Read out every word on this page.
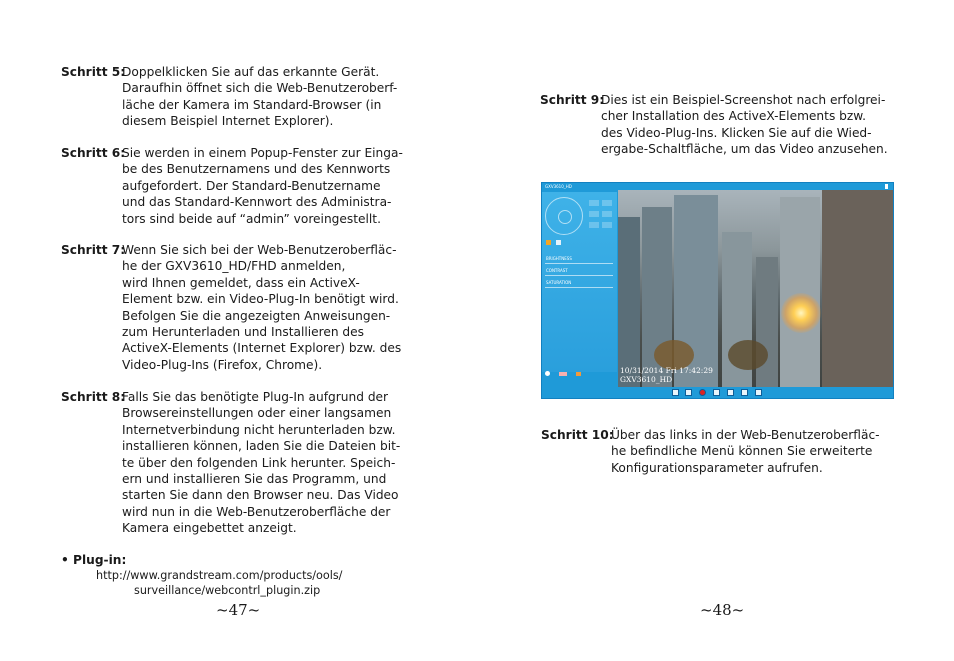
Schritt 5:
Doppelklicken Sie auf das erkannte Gerät.
Daraufhin öffnet sich die Web-Benutzeroberf-
läche der Kamera im Standard-Browser (in
diesem Beispiel Internet Explorer).
Schritt 6:
Sie werden in einem Popup-Fenster zur Einga-
be des Benutzernamens und des Kennworts
aufgefordert. Der Standard-Benutzername
und das Standard-Kennwort des Administra-
tors sind beide auf “admin” voreingestellt.
Schritt 7:
Wenn Sie sich bei der Web-Benutzeroberfläc-
he der GXV3610_HD/FHD anmelden,
wird Ihnen gemeldet, dass ein ActiveX-
Element bzw. ein Video-Plug-In benötigt wird.
Befolgen Sie die angezeigten Anweisungen-
zum Herunterladen und Installieren des
ActiveX-Elements (Internet Explorer) bzw. des
Video-Plug-Ins (Firefox, Chrome).
Schritt 8:
Falls Sie das benötigte Plug-In aufgrund der
Browsereinstellungen oder einer langsamen
Internetverbindung nicht herunterladen bzw.
installieren können, laden Sie die Dateien bit-
te über den folgenden Link herunter. Speich-
ern und installieren Sie das Programm, und
starten Sie dann den Browser neu. Das Video
wird nun in die Web-Benutzeroberfläche der
Kamera eingebettet anzeigt.
• Plug-in:
http://www.grandstream.com/products/ools/
surveillance/webcontrl_plugin.zip
~47~
Schritt 9:
Dies ist ein Beispiel-Screenshot nach erfolgrei-
cher Installation des ActiveX-Elements bzw.
des Video-Plug-Ins. Klicken Sie auf die Wied-
ergabe-Schaltfläche, um das Video anzusehen.
GXV3610_HD
BRIGHTNESS
CONTRAST
SATURATION
10/31/2014 Fri 17:42:29
GXV3610_HD
Schritt 10:
Über das links in der Web-Benutzeroberfläc-
he befindliche Menü können Sie erweiterte
Konfigurationsparameter aufrufen.
~48~
